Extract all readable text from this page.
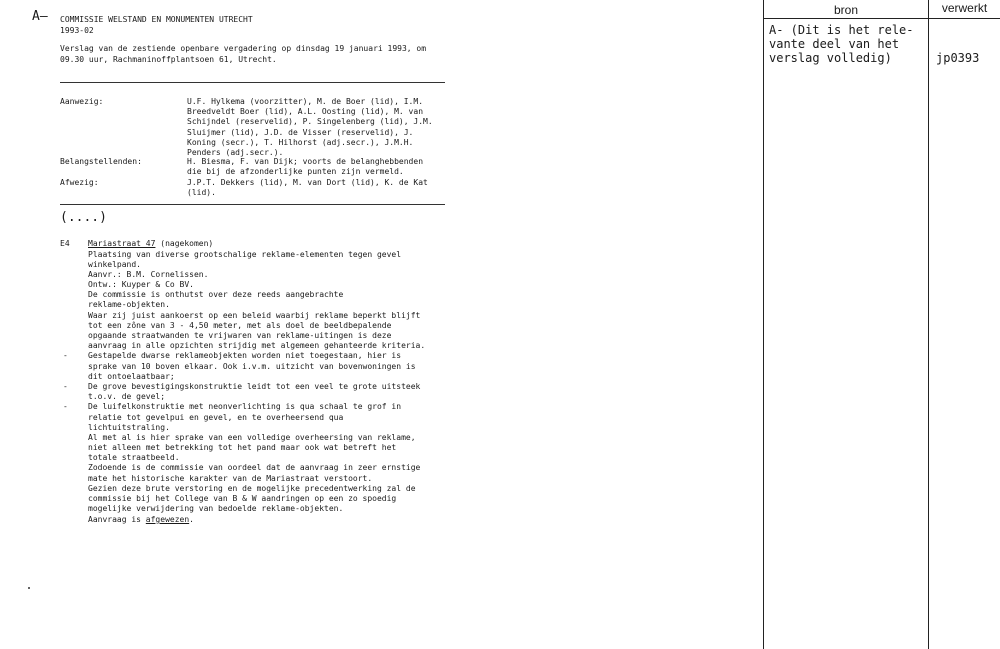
A— COMMISSIE WELSTAND EN MONUMENTEN UTRECHT
1993-02
Verslag van de zestiende openbare vergadering op dinsdag 19 januari 1993, om
09.30 uur, Rachmaninoffplantsoen 61, Utrecht.
Aanwezig:	U.F. Hylkema (voorzitter), M. de Boer (lid), I.M.
Breedveldt Boer (lid), A.L. Oosting (lid), M. van
Schijndel (reservelid), P. Singelenberg (lid), J.M.
Sluijmer (lid), J.D. de Visser (reservelid), J.
Koning (secr.), T. Hilhorst (adj.secr.), J.M.H.
Penders (adj.secr.).
Belangstellenden:	H. Biesma, F. van Dijk; voorts de belanghebbenden
die bij de afzonderlijke punten zijn vermeld.
Afwezig:	J.P.T. Dekkers (lid), M. van Dort (lid), K. de Kat
(lid).
(....)
E4 Mariastraat 47 (nagekomen)
Plaatsing van diverse grootschalige reklame-elementen tegen gevel
winkelpand.
Aanvr.: B.M. Cornelissen.
Ontw.: Kuyper & Co BV.
De commissie is onthutst over deze reeds aangebrachte
reklame-objekten.
Waar zij juist aankoerst op een beleid waarbij reklame beperkt blijft
tot een zône van 3 - 4,50 meter, met als doel de beeldbepalende
opgaande straatwanden te vrijwaren van reklame-uitingen is deze
aanvraag in alle opzichten strijdig met algemeen gehanteerde kriteria.
-	Gestapelde dwarse reklameobjekten worden niet toegestaan, hier is
sprake van 10 boven elkaar. Ook i.v.m. uitzicht van bovenwoningen is
dit ontoelaatbaar;
-	De grove bevestigingskonstruktie leidt tot een veel te grote uitsteek
t.o.v. de gevel;
-	De luifelkonstruktie met neonverlichting is qua schaal te grof in
relatie tot gevelpui en gevel, en te overheersend qua
lichtuitstraling.
Al met al is hier sprake van een volledige overheersing van reklame,
niet alleen met betrekking tot het pand maar ook wat betreft het
totale straatbeeld.
Zodoende is de commissie van oordeel dat de aanvraag in zeer ernstige
mate het historische karakter van de Mariastraat verstoort.
Gezien deze brute verstoring en de mogelijke precedentwerking zal de
commissie bij het College van B & W aandringen op een zo spoedig
mogelijke verwijdering van bedoelde reklame-objekten.
Aanvraag is afgewezen.
bron	verwerkt
A- (Dit is het rele-
vante deel van het
verslag volledig)	jp0393
